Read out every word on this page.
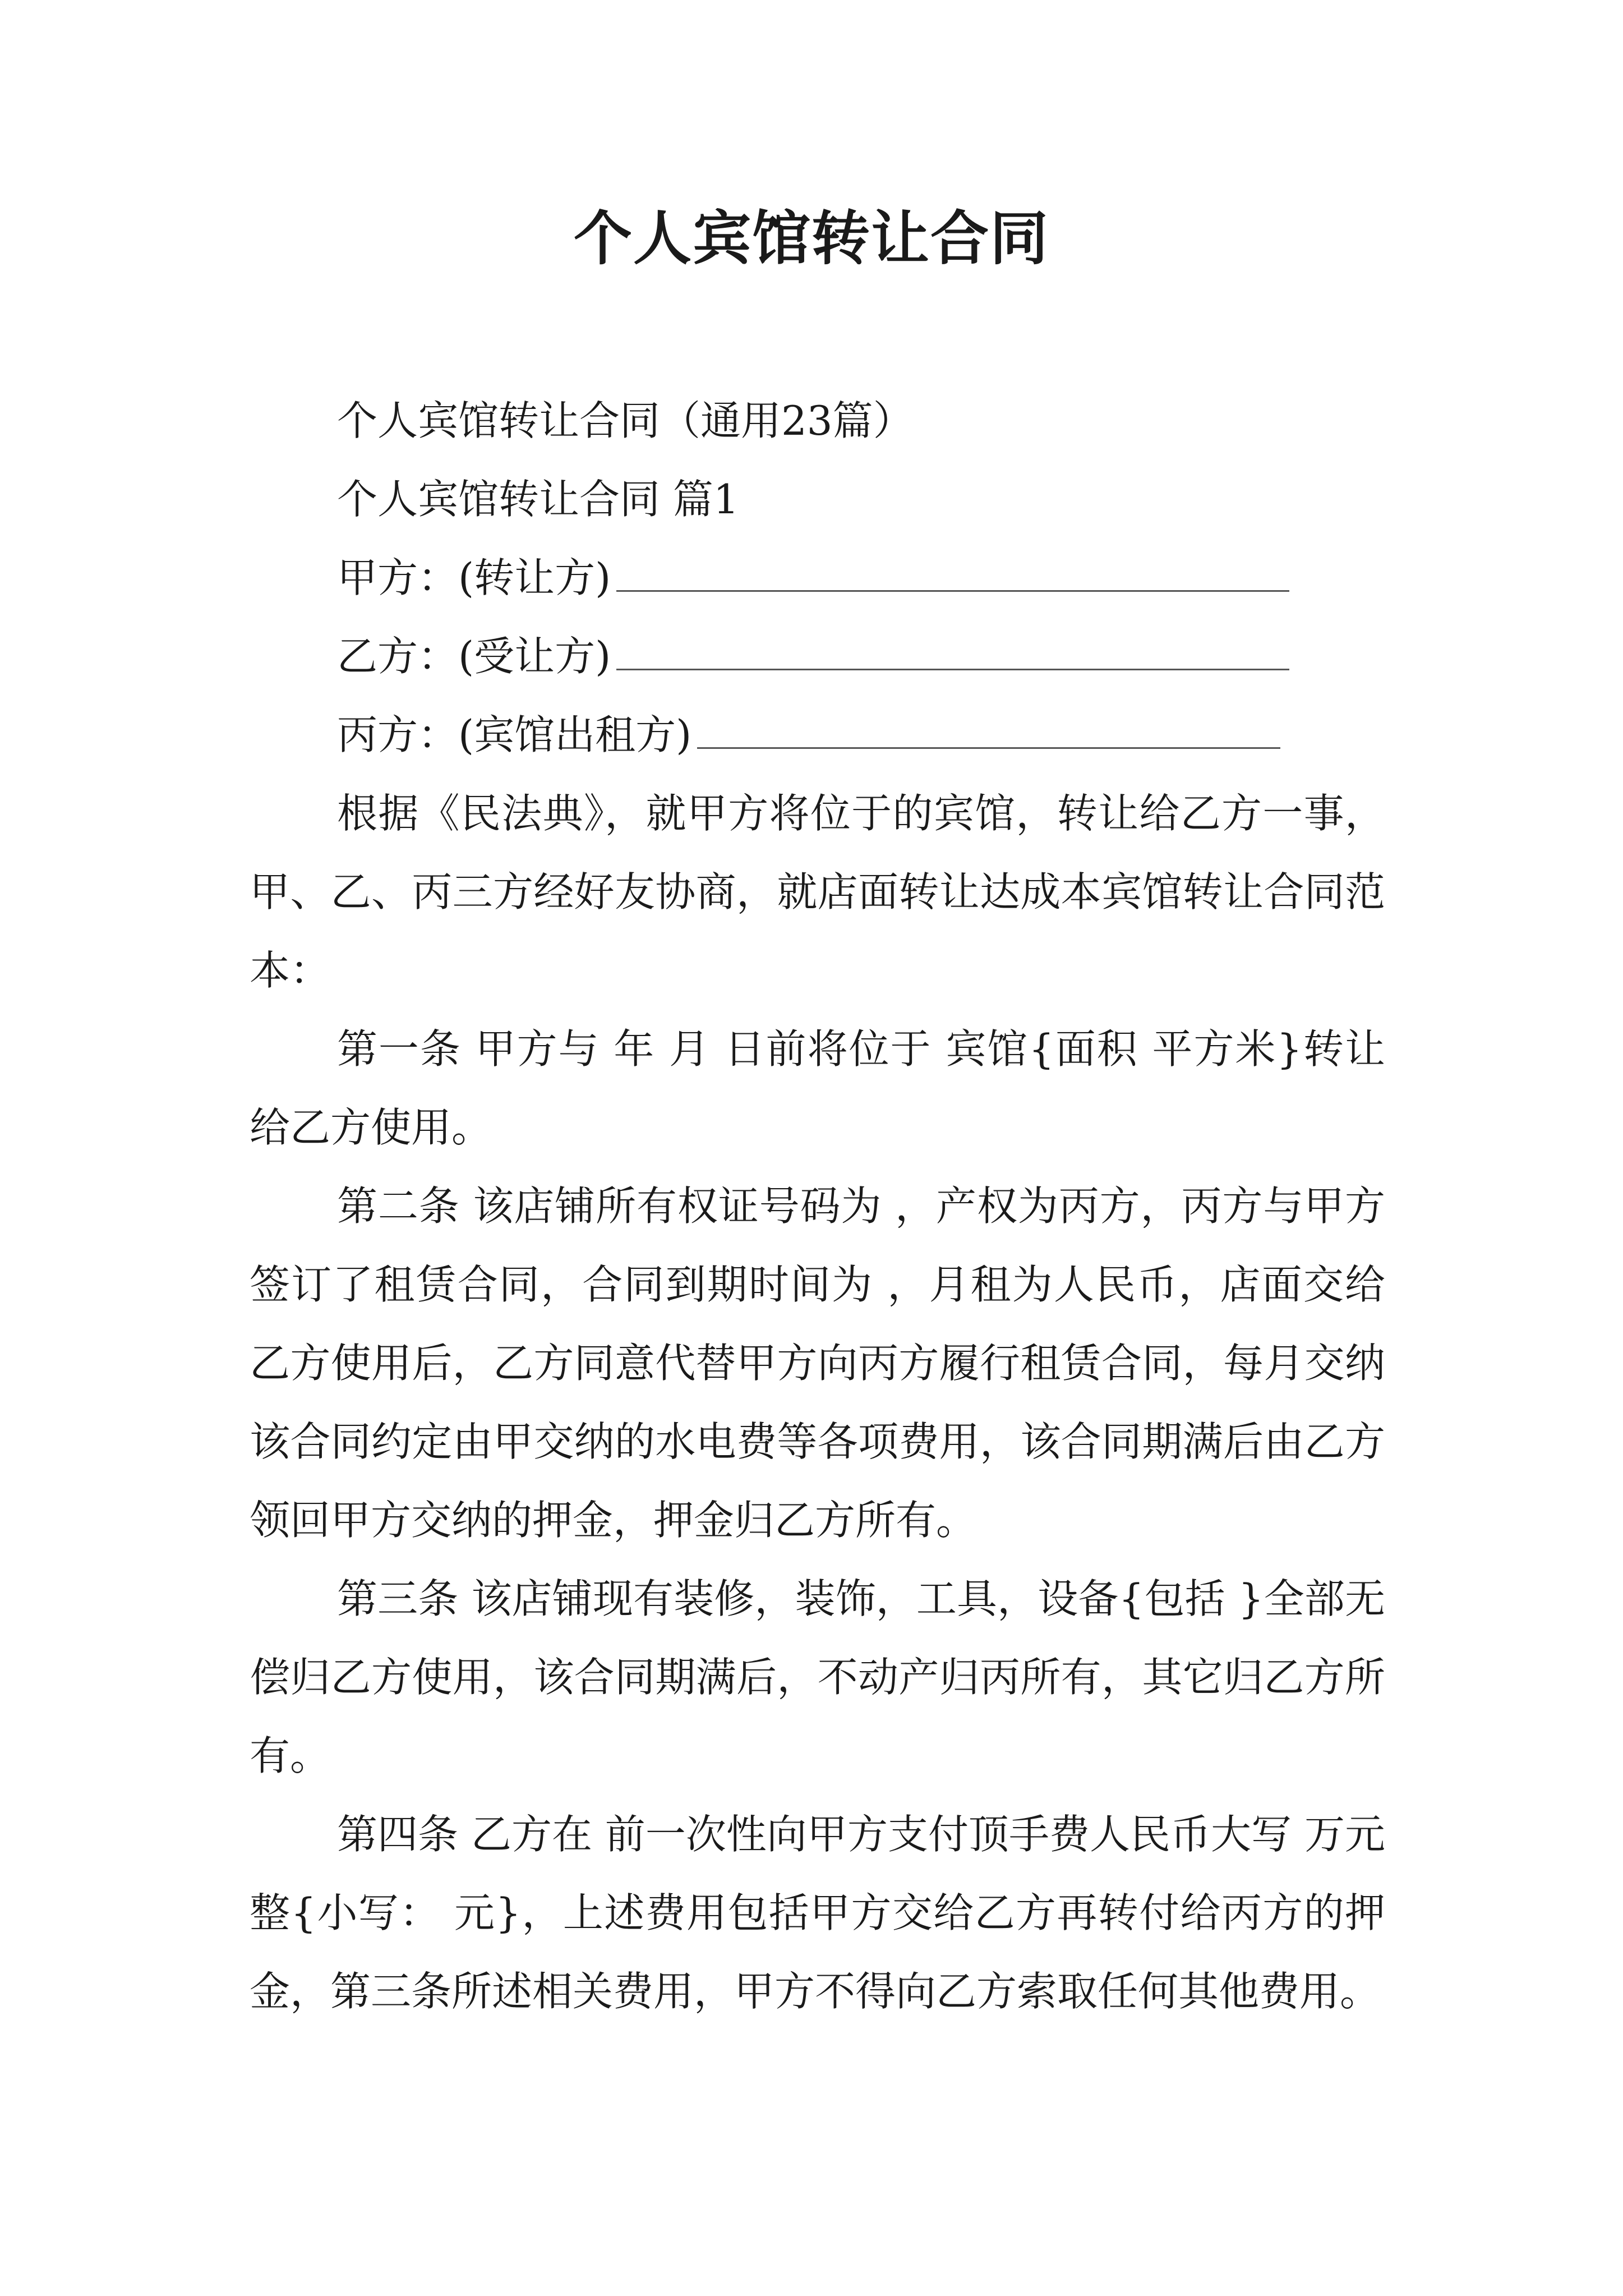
个人宾馆转让合同

个人宾馆转让合同（通用23篇）

个人宾馆转让合同 篇1

甲方：(转让方)

乙方：(受让方)

丙方：(宾馆出租方)

根据《民法典》，就甲方将位于的宾馆，转让给乙方一事，甲、乙、丙三方经好友协商，就店面转让达成本宾馆转让合同范本：

第一条 甲方与 年 月 日前将位于 宾馆{面积 平方米}转让给乙方使用。

第二条 该店铺所有权证号码为 ，产权为丙方，丙方与甲方签订了租赁合同，合同到期时间为 ，月租为人民币，店面交给乙方使用后，乙方同意代替甲方向丙方履行租赁合同，每月交纳该合同约定由甲交纳的水电费等各项费用，该合同期满后由乙方领回甲方交纳的押金，押金归乙方所有。

第三条 该店铺现有装修，装饰，工具，设备{包括 }全部无偿归乙方使用，该合同期满后，不动产归丙所有，其它归乙方所有。

第四条 乙方在 前一次性向甲方支付顶手费人民币大写 万元整{小写： 元}，上述费用包括甲方交给乙方再转付给丙方的押金，第三条所述相关费用，甲方不得向乙方索取任何其他费用。
